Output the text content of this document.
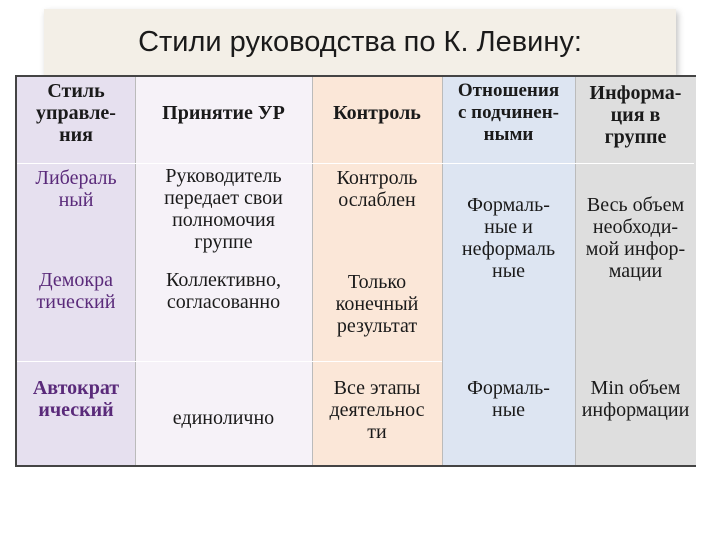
Стили руководства по К. Левину:
Стиль
управле-
ния
Принятие УР	Контроль
Отношения
с подчинен-
ными
Информа-
ция в
группе
Либераль
ный
Руководитель
передает свои
полномочия
группе
Контроль
ослаблен
Демокра
тический
Коллективно,
согласованно
Только
конечный
результат
Формаль-
ные и
неформаль
ные
Весь объем
необходи-
мой инфор-
мации
Автократ
ический	единолично
Все этапы
деятельнос
ти
Формаль-
ные
Min объем
информации
